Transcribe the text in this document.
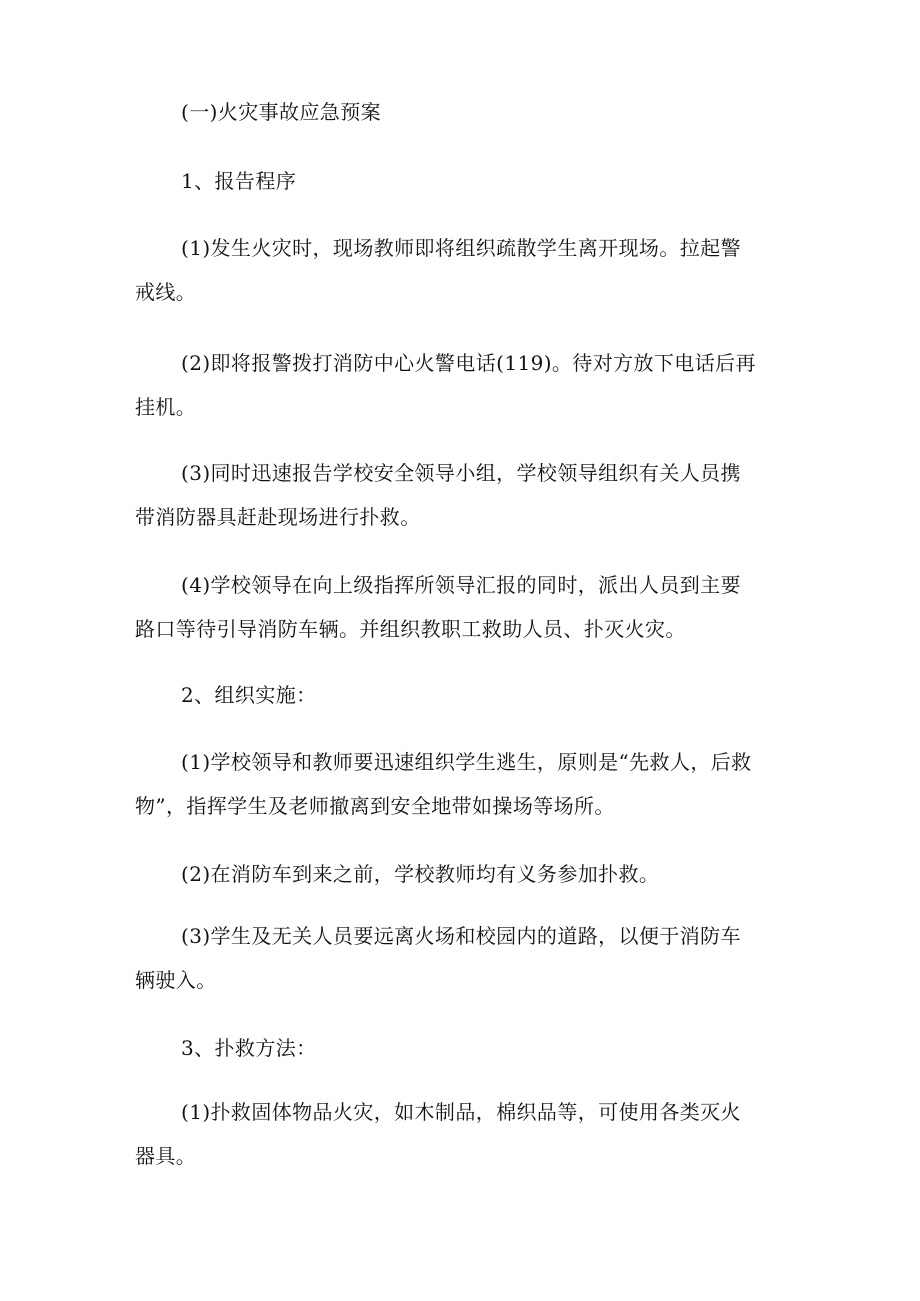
(一)火灾事故应急预案

1、报告程序

(1)发生火灾时，现场教师即将组织疏散学生离开现场。拉起警
戒线。

(2)即将报警拨打消防中心火警电话(119)。待对方放下电话后再
挂机。

(3)同时迅速报告学校安全领导小组，学校领导组织有关人员携
带消防器具赶赴现场进行扑救。

(4)学校领导在向上级指挥所领导汇报的同时，派出人员到主要
路口等待引导消防车辆。并组织教职工救助人员、扑灭火灾。

2、组织实施：

(1)学校领导和教师要迅速组织学生逃生，原则是“先救人，后救
物”，指挥学生及老师撤离到安全地带如操场等场所。

(2)在消防车到来之前，学校教师均有义务参加扑救。

(3)学生及无关人员要远离火场和校园内的道路，以便于消防车
辆驶入。

3、扑救方法：

(1)扑救固体物品火灾，如木制品，棉织品等，可使用各类灭火
器具。
